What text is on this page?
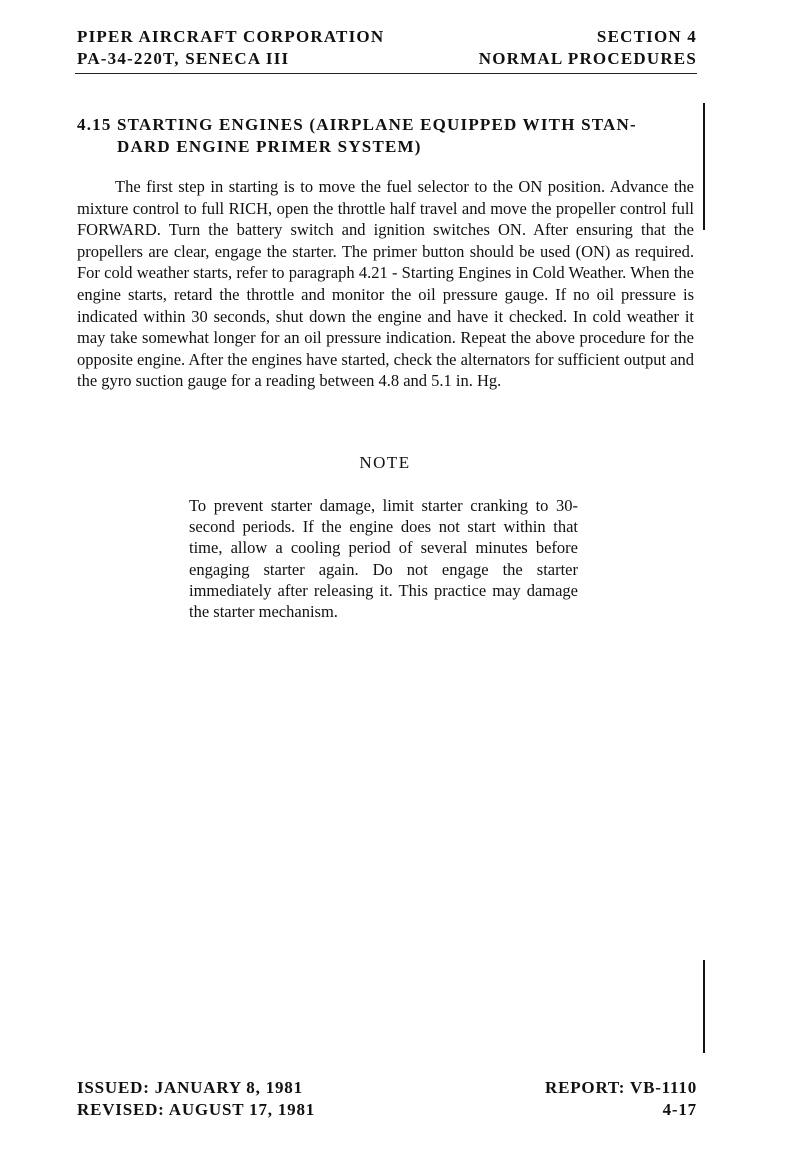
PIPER AIRCRAFT CORPORATION	SECTION 4
PA-34-220T, SENECA III	NORMAL PROCEDURES
4.15 STARTING ENGINES (AIRPLANE EQUIPPED WITH STAN-
DARD ENGINE PRIMER SYSTEM)

The first step in starting is to move the fuel selector to the ON position. Advance the mixture control to full RICH, open the throttle half travel and move the propeller control full FORWARD. Turn the battery switch and ignition switches ON. After ensuring that the propellers are clear, engage the starter. The primer button should be used (ON) as required. For cold weather starts, refer to paragraph 4.21 - Starting Engines in Cold Weather. When the engine starts, retard the throttle and monitor the oil pressure gauge. If no oil pressure is indicated within 30 seconds, shut down the engine and have it checked. In cold weather it may take somewhat longer for an oil pressure indication. Repeat the above procedure for the opposite engine. After the engines have started, check the alternators for sufficient output and the gyro suction gauge for a reading between 4.8 and 5.1 in. Hg.

NOTE

To prevent starter damage, limit starter cranking to 30-second periods. If the engine does not start within that time, allow a cooling period of several minutes before engaging starter again. Do not engage the starter immediately after releasing it. This practice may damage the starter mechanism.

ISSUED: JANUARY 8, 1981	REPORT: VB-1110
REVISED: AUGUST 17, 1981	4-17
